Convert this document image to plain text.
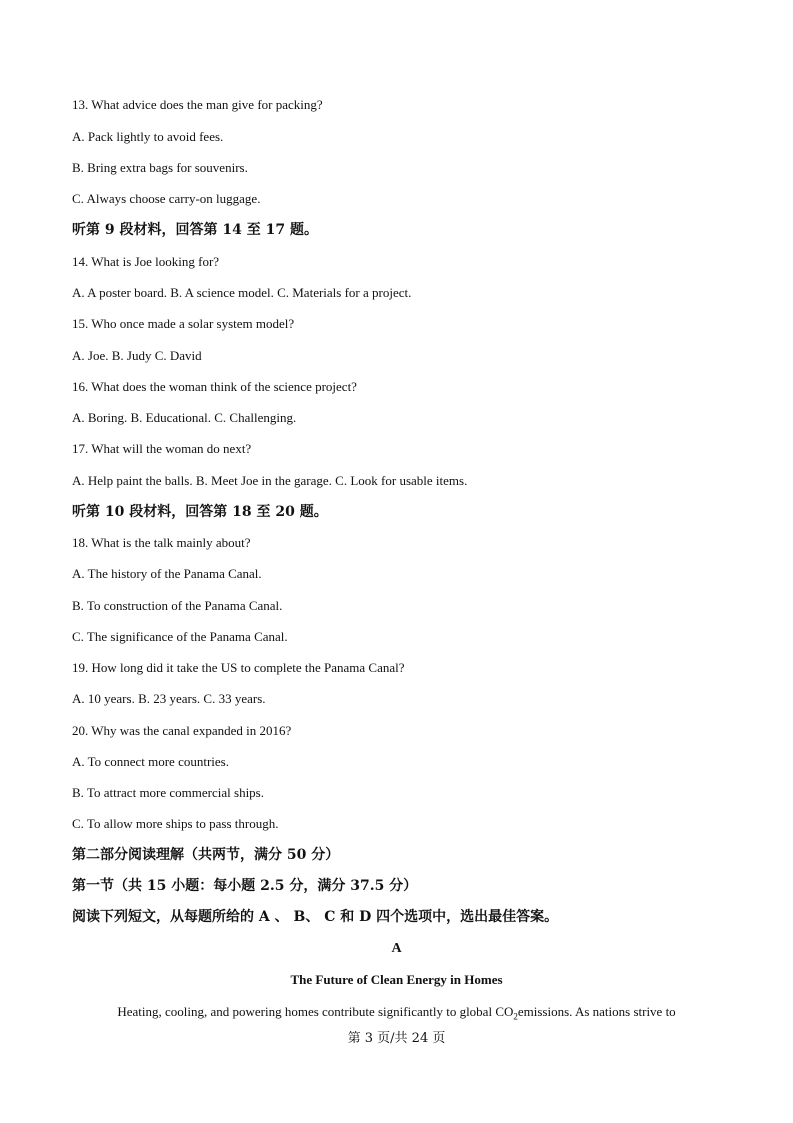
13. What advice does the man give for packing?
A. Pack lightly to avoid fees.
B. Bring extra bags for souvenirs.
C. Always choose carry-on luggage.
听第 9 段材料，回答第 14 至 17 题。
14. What is Joe looking for?
A. A poster board. B. A science model. C. Materials for a project.
15. Who once made a solar system model?
A. Joe. B. Judy C. David
16. What does the woman think of the science project?
A. Boring. B. Educational. C. Challenging.
17. What will the woman do next?
A. Help paint the balls. B. Meet Joe in the garage. C. Look for usable items.
听第 10 段材料，回答第 18 至 20 题。
18. What is the talk mainly about?
A. The history of the Panama Canal.
B. To construction of the Panama Canal.
C. The significance of the Panama Canal.
19. How long did it take the US to complete the Panama Canal?
A. 10 years. B. 23 years. C. 33 years.
20. Why was the canal expanded in 2016?
A. To connect more countries.
B. To attract more commercial ships.
C. To allow more ships to pass through.
第二部分阅读理解（共两节，满分 50 分）
第一节（共 15 小题：每小题 2.5 分，满分 37.5 分）
阅读下列短文，从每题所给的 A 、 B、 C 和 D 四个选项中，选出最佳答案。
A
The Future of Clean Energy in Homes
Heating, cooling, and powering homes contribute significantly to global $CO_2emissions$. As nations strive to
第 3 页/共 24 页
